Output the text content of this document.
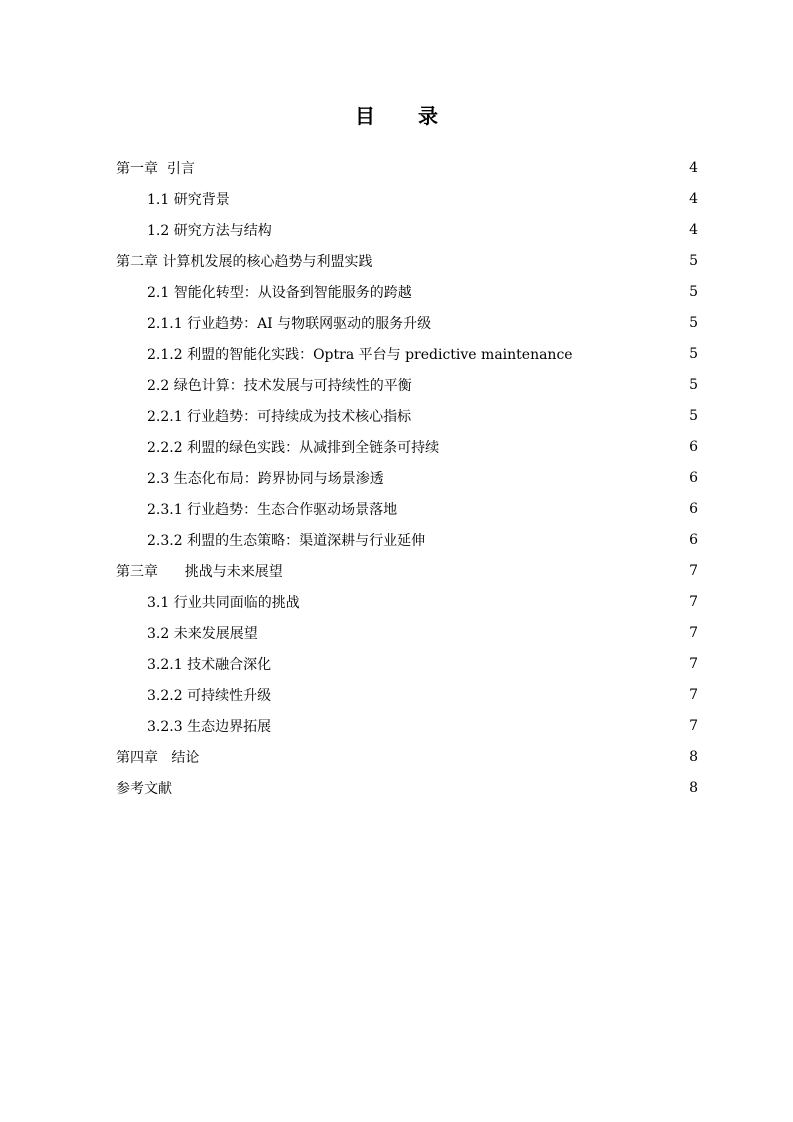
目 录
第一章  引言	4
1.1 研究背景	4
1.2 研究方法与结构	4
第二章 计算机发展的核心趋势与利盟实践	5
2.1 智能化转型：从设备到智能服务的跨越	5
2.1.1 行业趋势：AI 与物联网驱动的服务升级	5
2.1.2 利盟的智能化实践：Optra 平台与 predictive maintenance	5
2.2 绿色计算：技术发展与可持续性的平衡	5
2.2.1 行业趋势：可持续成为技术核心指标	5
2.2.2 利盟的绿色实践：从减排到全链条可持续	6
2.3 生态化布局：跨界协同与场景渗透	6
2.3.1 行业趋势：生态合作驱动场景落地	6
2.3.2 利盟的生态策略：渠道深耕与行业延伸	6
第三章      挑战与未来展望	7
3.1 行业共同面临的挑战	7
3.2 未来发展展望	7
3.2.1 技术融合深化	7
3.2.2 可持续性升级	7
3.2.3 生态边界拓展	7
第四章   结论	8
参考文献	8
